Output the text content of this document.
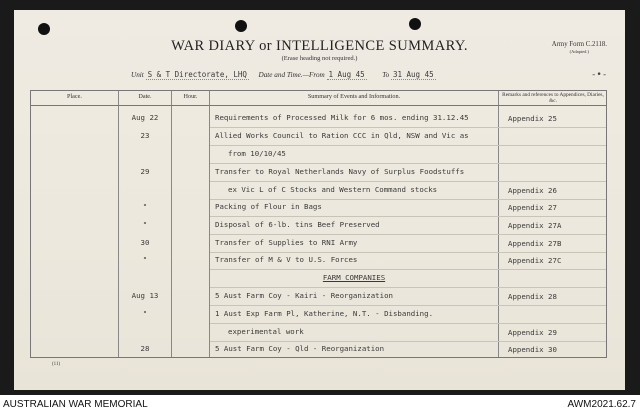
WAR DIARY or INTELLIGENCE SUMMARY.
(Erase heading not required.)
Army Form C.2118.
(Adapted.)
Unit S & T Directorate, LHQ Date and Time.—From 1 Aug 45 To 31 Aug 45	-•-
Place.	Date.	Hour.	Summary of Events and Information.	Remarks and references to Appendices, Diaries, &c.
Aug 22	Requirements of Processed Milk for 6 mos. ending 31.12.45	Appendix 25
23	Allied Works Council to Ration CCC in Qld, NSW and Vic as
from 10/10/45
29	Transfer to Royal Netherlands Navy of Surplus Foodstuffs
ex Vic L of C Stocks and Western Command stocks	Appendix 26
"	Packing of Flour in Bags	Appendix 27
"	Disposal of 6-lb. tins Beef Preserved	Appendix 27A
30	Transfer of Supplies to RNI Army	Appendix 27B
"	Transfer of M & V to U.S. Forces	Appendix 27C
FARM COMPANIES
Aug 13	5 Aust Farm Coy - Kairi - Reorganization	Appendix 28
"	1 Aust Exp Farm Pl, Katherine, N.T. - Disbanding.
experimental work	Appendix 29
28	5 Aust Farm Coy - Qld - Reorganization	Appendix 30
(11)
AUSTRALIAN WAR MEMORIAL	AWM2021.62.7
